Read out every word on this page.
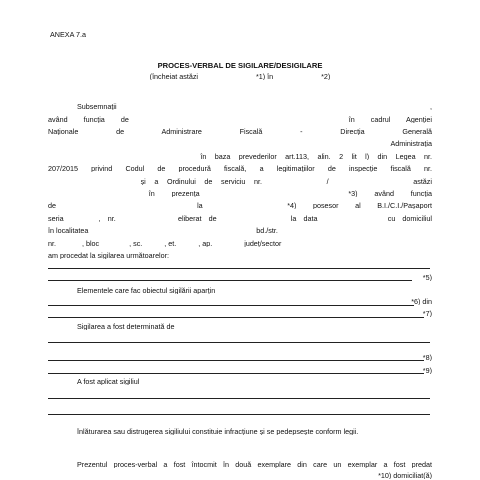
ANEXA 7.a
PROCES-VERBAL DE SIGILARE/DESIGILARE
(încheiat astăzi ______________*1) în ________ ___*2)
Subsemnaţii ______________________________________________________________________,
având funcţia de _______________________________________________ în cadrul Agenţiei
Naţionale de Administrare Fiscală - Direcţia Generală
___________________________________________________________________ Administraţia
____________________________________ în baza prevederilor art.113, alin. 2 lit l) din Legea nr.
207/2015 privind Codul de procedură fiscală, a legitimaţiilor de inspecţie fiscală nr.
_____________________ şi a Ordinului de serviciu nr. ______________/___________________ astăzi
_____________________ în prezenţa _________________________________*3) având funcţia
de ___________________________ la _________________*4) posesor al B.I./C.I./Paşaport
seria _______, nr. ____________ eliberat de _______________ la data ______________ cu domiciliul
în localitatea _________________________________________ bd./str. ___________________________
nr. ______, bloc _______, sc. _____, et. _____, ap. _______ judeţ/sector ____________________
am procedat la sigilarea următoarelor:
*5)
Elementele care fac obiectul sigilării aparţin
*6) din
*7)
Sigilarea a fost determinată de
*8)
*9)
A fost aplicat sigiliul
Înlăturarea sau distrugerea sigiliului constituie infracţiune şi se pedepseşte conform legii.
Prezentul proces-verbal a fost întocmit în două exemplare din care un exemplar a fost predat
*10) domiciliat(ă)
